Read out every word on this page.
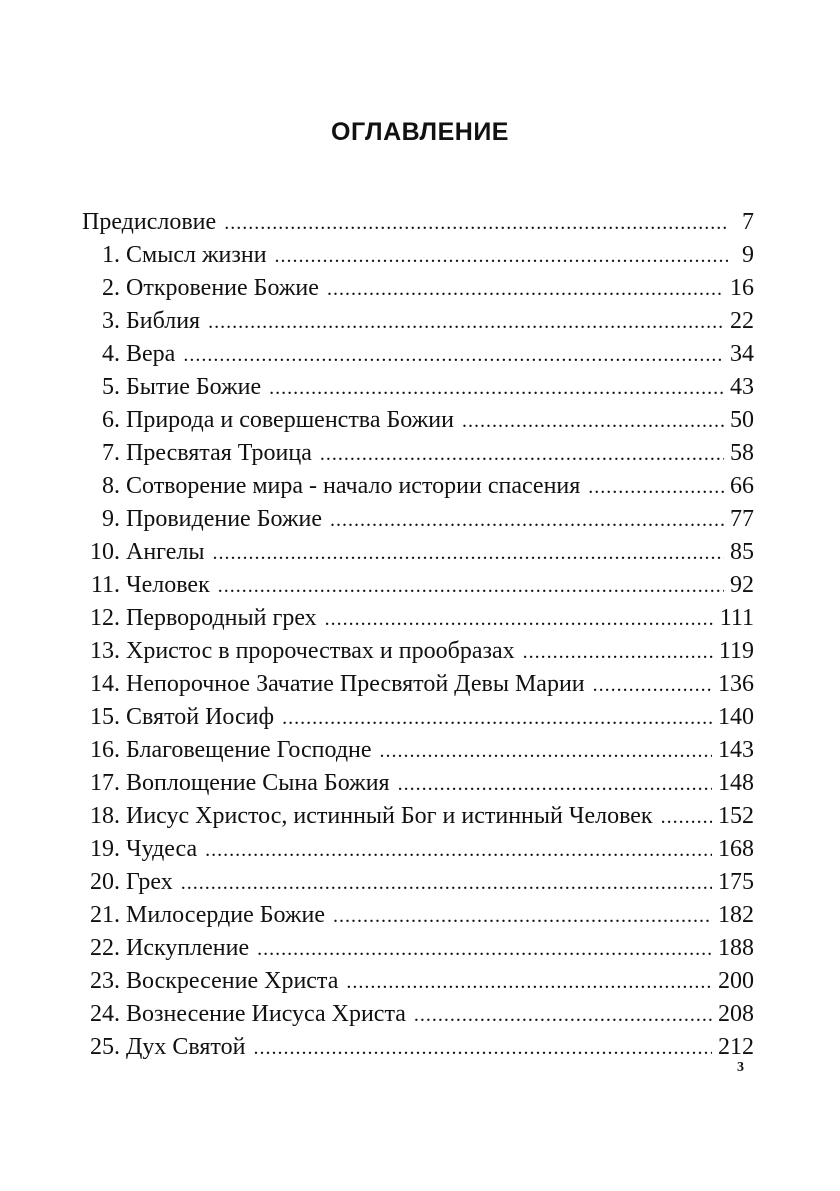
ОГЛАВЛЕНИЕ
Предисловие .....	7
1. Смысл жизни .....	9
2. Откровение Божие .....	16
3. Библия .....	22
4. Вера .....	34
5. Бытие Божие .....	43
6. Природа и совершенства Божии .....	50
7. Пресвятая Троица .....	58
8. Сотворение мира - начало истории спасения .....	66
9. Провидение Божие .....	77
10. Ангелы .....	85
11. Человек .....	92
12. Первородный грех .....	111
13. Христос в пророчествах и прообразах .....	119
14. Непорочное Зачатие Пресвятой Девы Марии .....	136
15. Святой Иосиф .....	140
16. Благовещение Господне .....	143
17. Воплощение Сына Божия .....	148
18. Иисус Христос, истинный Бог и истинный Человек .....	152
19. Чудеса .....	168
20. Грех .....	175
21. Милосердие Божие .....	182
22. Искупление .....	188
23. Воскресение Христа .....	200
24. Вознесение Иисуса Христа .....	208
25. Дух Святой .....	212
3
